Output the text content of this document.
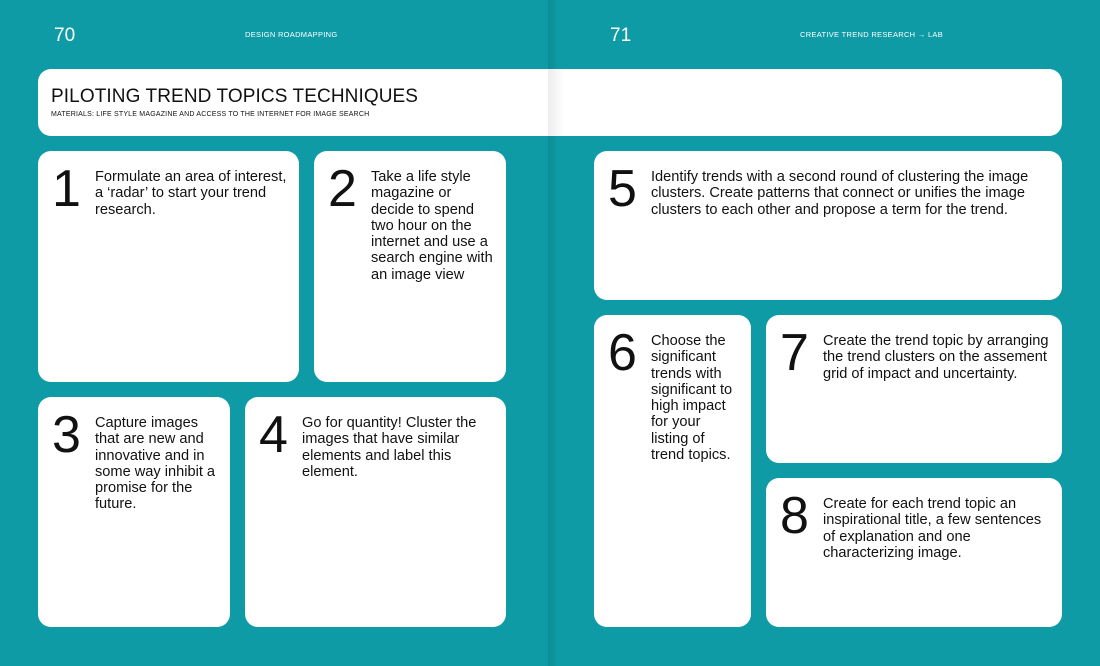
70	DESIGN ROADMAPPING	71	CREATIVE TREND RESEARCH → LAB
PILOTING TREND TOPICS TECHNIQUES
MATERIALS: LIFE STYLE MAGAZINE AND ACCESS TO THE INTERNET FOR IMAGE SEARCH
1 Formulate an area of interest, a ‘radar’ to start your trend research.	2 Take a life style magazine or decide to spend two hour on the internet and use a search engine with an image view
3 Capture images that are new and innovative and in some way inhibit a promise for the future.
4 Go for quantity! Cluster the images that have similar elements and label this element.
5 Identify trends with a second round of clustering the image clusters. Create patterns that connect or unifies the image clusters to each other and propose a term for the trend.
6 Choose the significant trends with significant to high impact for your listing of trend topics.
7 Create the trend topic by arranging the trend clusters on the assement grid of impact and uncertainty.
8 Create for each trend topic an inspirational title, a few sentences of explanation and one characterizing image.
